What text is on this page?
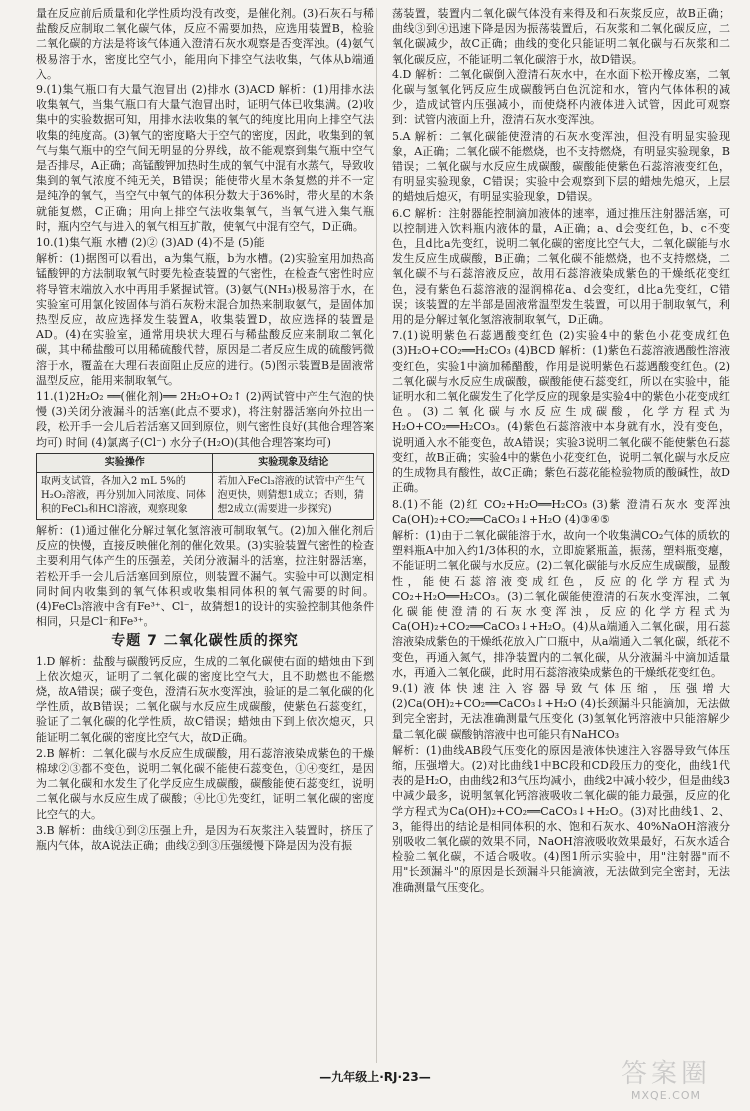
量在反应前后质量和化学性质均没有改变，是催化剂。(3)石灰石与稀盐酸反应制取二氧化碳气体，反应不需要加热，应选用装置B，检验二氧化碳的方法是将该气体通入澄清石灰水观察是否变浑浊。(4)氨气极易溶于水，密度比空气小，能用向下排空气法收集，气体从b端通入。

9.(1)集气瓶口有大量气泡冒出 (2)排水 (3)ACD 解析：(1)用排水法收集氧气，当集气瓶口有大量气泡冒出时，证明气体已收集满。(2)收集中的实验数据可知，用排水法收集的氧气的纯度比用向上排空气法收集的纯度高。(3)氧气的密度略大于空气的密度，因此，收集到的氧气与集气瓶中的空气间无明显的分界线，故不能观察到集气瓶中空气是否排尽，A正确；高锰酸钾加热时生成的氧气中混有水蒸气，导致收集到的氧气浓度不纯无关，B错误；能使带火星木条复燃的并不一定是纯净的氧气，当空气中氧气的体积分数大于36%时，带火星的木条就能复燃，C正确；用向上排空气法收集氧气，当氧气进入集气瓶时，瓶内空气与进入的氧气相互扩散，使氧气中混有空气，D正确。

10.(1)集气瓶 水槽 (2)② (3)AD (4)不是 (5)能

解析：(1)据图可以看出，a为集气瓶，b为水槽。(2)实验室用加热高锰酸钾的方法制取氧气时要先检查装置的气密性，在检查气密性时应将导管末端放入水中再用手紧握试管。(3)氨气(NH₃)极易溶于水，在实验室可用氯化铵固体与消石灰粉末混合加热来制取氨气，是固体加热型反应，故应选择发生装置A，收集装置D，故应选择的装置是AD。(4)在实验室，通常用块状大理石与稀盐酸反应来制取二氧化碳，其中稀盐酸可以用稀硫酸代替，原因是二者反应生成的硫酸钙微溶于水，覆盖在大理石表面阻止反应的进行。(5)图示装置B是固液常温型反应，能用来制取氧气。

11.(1)2H₂O₂ ══(催化剂)══ 2H₂O+O₂↑ (2)两试管中产生气泡的快慢 (3)关闭分液漏斗的活塞(此点不要求)，将注射器活塞向外拉出一段，松开手一会儿后若活塞又回到原位，则气密性良好(其他合理答案均可) 时间 (4)氯离子(Cl⁻) 水分子(H₂O)(其他合理答案均可)

实验操作	实验现象及结论
取两支试管，各加入2 mL 5%的H₂O₂溶液，再分别加入同浓度、同体积的FeCl₃和HCl溶液，观察现象	若加入FeCl₃溶液的试管中产生气泡更快，则猜想1成立；否则，猜想2成立(需要进一步探究)

解析：(1)通过催化分解过氧化氢溶液可制取氧气。(2)加入催化剂后反应的快慢，直接反映催化剂的催化效果。(3)实验装置气密性的检查主要利用气体产生的压强差，关闭分液漏斗的活塞，拉注射器活塞，若松开手一会儿后活塞回到原位，则装置不漏气。实验中可以测定相同时间内收集到的氧气体积或收集相同体积的氧气需要的时间。(4)FeCl₃溶液中含有Fe³⁺、Cl⁻，故猜想1的设计的实验控制其他条件相同，只是Cl⁻和Fe³⁺。

专题 7 二氧化碳性质的探究

1.D 解析：盐酸与碳酸钙反应，生成的二氧化碳使右面的蜡烛由下到上依次熄灭，证明了二氧化碳的密度比空气大，且不助燃也不能燃烧，故A错误；碳子变色，澄清石灰水变浑浊，验证的是二氧化碳的化学性质，故B错误；二氧化碳与水反应生成碳酸，使紫色石蕊变红，验证了二氧化碳的化学性质，故C错误；蜡烛由下到上依次熄灭，只能证明二氧化碳的密度比空气大，故D正确。

2.B 解析：二氧化碳与水反应生成碳酸，用石蕊溶液染成紫色的干燥棉球②③都不变色，说明二氧化碳不能使石蕊变色，①④变红，是因为二氧化碳和水发生了化学反应生成碳酸，碳酸能使石蕊变红，说明二氧化碳与水反应生成了碳酸；④比①先变红，证明二氧化碳的密度比空气的大。

3.B 解析：曲线①到②压强上升，是因为石灰浆注入装置时，挤压了瓶内气体，故A说法正确；曲线②到③压强缓慢下降是因为没有振

荡装置，装置内二氧化碳气体没有来得及和石灰浆反应，故B正确；曲线③到④迅速下降是因为振荡装置后，石灰浆和二氧化碳反应，二氧化碳减少，故C正确；曲线的变化只能证明二氧化碳与石灰浆和二氧化碳反应，不能证明二氧化碳溶于水，故D错误。

4.D 解析：二氧化碳倒入澄清石灰水中，在水面下松开橡皮塞，二氧化碳与氢氧化钙反应生成碳酸钙白色沉淀和水，管内气体体积的减少，造成试管内压强减小，而使烧杯内液体进入试管，因此可观察到：试管内液面上升，澄清石灰水变浑浊。

5.A 解析：二氧化碳能使澄清的石灰水变浑浊，但没有明显实验现象，A正确；二氧化碳不能燃烧，也不支持燃烧，有明显实验现象，B错误；二氧化碳与水反应生成碳酸，碳酸能使紫色石蕊溶液变红色，有明显实验现象，C错误；实验中会观察到下层的蜡烛先熄灭，上层的蜡烛后熄灭，有明显实验现象，D错误。

6.C 解析：注射器能控制滴加液体的速率，通过推压注射器活塞，可以控制进入饮料瓶内液体的量，A正确；a、d会变红色，b、c不变色，且d比a先变红，说明二氧化碳的密度比空气大，二氧化碳能与水发生反应生成碳酸，B正确；二氧化碳不能燃烧，也不支持燃烧，二氧化碳不与石蕊溶液反应，故用石蕊溶液染成紫色的干燥纸花变红色，浸有紫色石蕊溶液的湿润棉花a、d会变红，d比a先变红，C错误；该装置的左半部是固液常温型发生装置，可以用于制取氧气，利用的是分解过氧化氢溶液制取氧气，D正确。

7.(1)说明紫色石蕊遇酸变红色 (2)实验4中的紫色小花变成红色 (3)H₂O+CO₂══H₂CO₃ (4)BCD 解析：(1)紫色石蕊溶液遇酸性溶液变红色，实验1中滴加稀醋酸，作用是说明紫色石蕊遇酸变红色。(2)二氧化碳与水反应生成碳酸，碳酸能使石蕊变红，所以在实验中，能证明水和二氧化碳发生了化学反应的现象是实验4中的紫色小花变成红色。(3)二氧化碳与水反应生成碳酸，化学方程式为H₂O+CO₂══H₂CO₃。(4)紫色石蕊溶液中本身就有水，没有变色，说明通入水不能变色，故A错误；实验3说明二氧化碳不能使紫色石蕊变红，故B正确；实验4中的紫色小花变红色，说明二氧化碳与水反应的生成物具有酸性，故C正确；紫色石蕊花能检验物质的酸碱性，故D正确。

8.(1)不能 (2)红 CO₂+H₂O══H₂CO₃ (3)紫 澄清石灰水 变浑浊 Ca(OH)₂+CO₂══CaCO₃↓+H₂O (4)③④⑤

解析：(1)由于二氧化碳能溶于水，故向一个收集满CO₂气体的质软的塑料瓶A中加入约1/3体积的水，立即旋紧瓶盖，振荡，塑料瓶变瘪，不能证明二氧化碳与水反应。(2)二氧化碳能与水反应生成碳酸，显酸性，能使石蕊溶液变成红色，反应的化学方程式为CO₂+H₂O══H₂CO₃。(3)二氧化碳能使澄清的石灰水变浑浊，二氧化碳能使澄清的石灰水变浑浊，反应的化学方程式为Ca(OH)₂+CO₂══CaCO₃↓+H₂O。(4)从a端通入二氧化碳，用石蕊溶液染成紫色的干燥纸花放入广口瓶中，从a端通入二氧化碳，纸花不变色，再通入氮气，排净装置内的二氧化碳，从分液漏斗中滴加适量水，再通入二氧化碳，此时用石蕊溶液染成紫色的干燥纸花变红色。

9.(1)液体快速注入容器导致气体压缩，压强增大 (2)Ca(OH)₂+CO₂══CaCO₃↓+H₂O (4)长颈漏斗只能滴加，无法做到完全密封，无法准确测量气压变化 (3)氢氧化钙溶液中只能溶解少量二氧化碳 碳酸钠溶液中也可能只有NaHCO₃

解析：(1)曲线AB段气压变化的原因是液体快速注入容器导致气体压缩，压强增大。(2)对比曲线1中BC段和CD段压力的变化，曲线1代表的是H₂O，由曲线2和3气压均减小，曲线2中减小较少，但是曲线3中减少最多，说明氢氧化钙溶液吸收二氧化碳的能力最强，反应的化学方程式为Ca(OH)₂+CO₂══CaCO₃↓+H₂O。(3)对比曲线1、2、3，能得出的结论是相同体积的水、饱和石灰水、40%NaOH溶液分别吸收二氧化碳的效果不同，NaOH溶液吸收效果最好，石灰水适合检验二氧化碳，不适合吸收。(4)图1所示实验中，用"注射器"而不用"长颈漏斗"的原因是长颈漏斗只能滴液，无法做到完全密封，无法准确测量气压变化。

—九年级上·RJ·23—	答案圈
MXQE.COM
